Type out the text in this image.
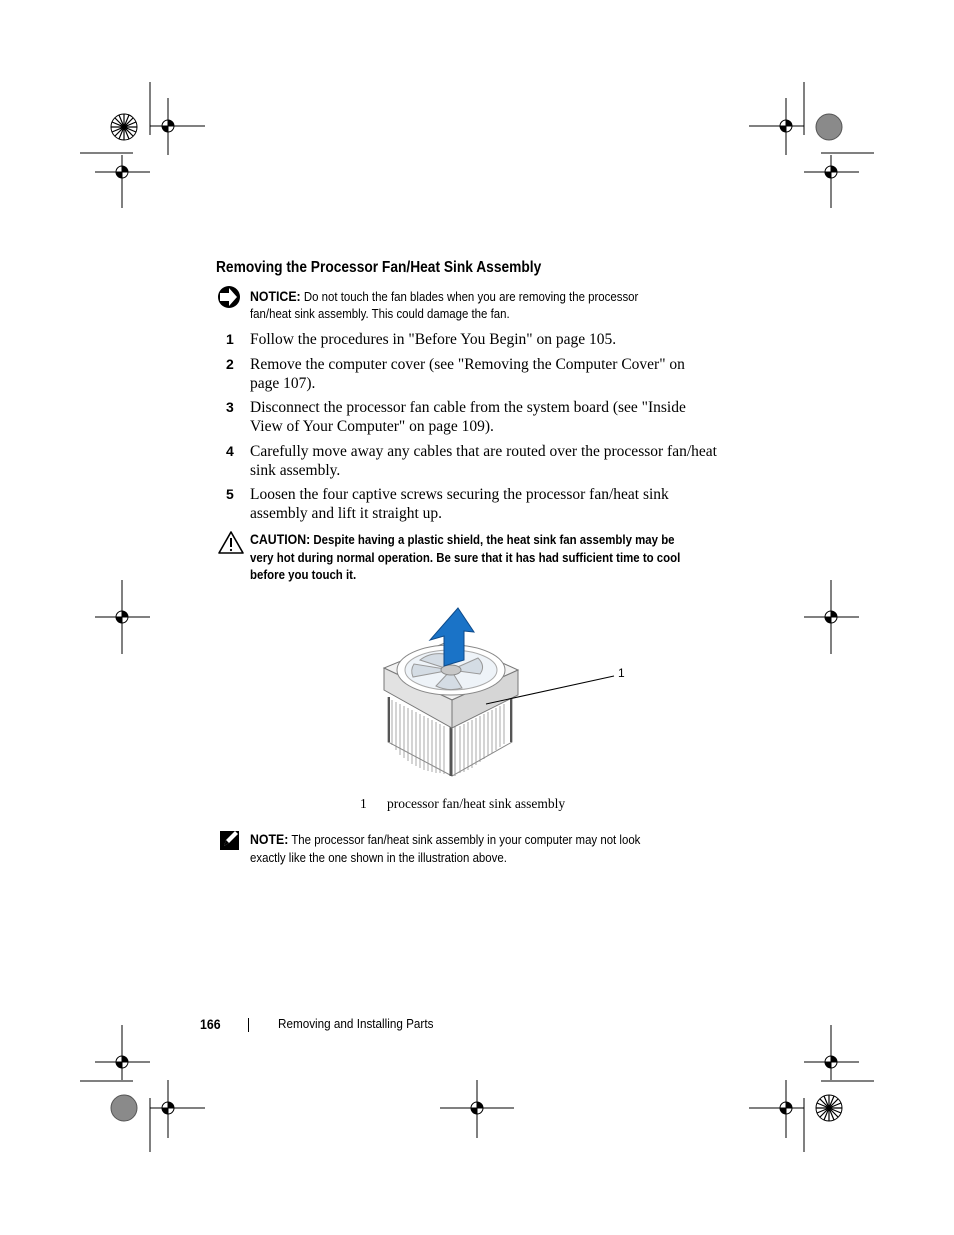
Removing the Processor Fan/Heat Sink Assembly
NOTICE: Do not touch the fan blades when you are removing the processor
fan/heat sink assembly. This could damage the fan.
1 Follow the procedures in "Before You Begin" on page 105.
2 Remove the computer cover (see "Removing the Computer Cover" on
page 107).
3 Disconnect the processor fan cable from the system board (see "Inside
View of Your Computer" on page 109).
4 Carefully move away any cables that are routed over the processor fan/heat
sink assembly.
5 Loosen the four captive screws securing the processor fan/heat sink
assembly and lift it straight up.
CAUTION: Despite having a plastic shield, the heat sink fan assembly may be
very hot during normal operation. Be sure that it has had sufficient time to cool
before you touch it.
1
1 processor fan/heat sink assembly
NOTE: The processor fan/heat sink assembly in your computer may not look
exactly like the one shown in the illustration above.
166	Removing and Installing Parts
